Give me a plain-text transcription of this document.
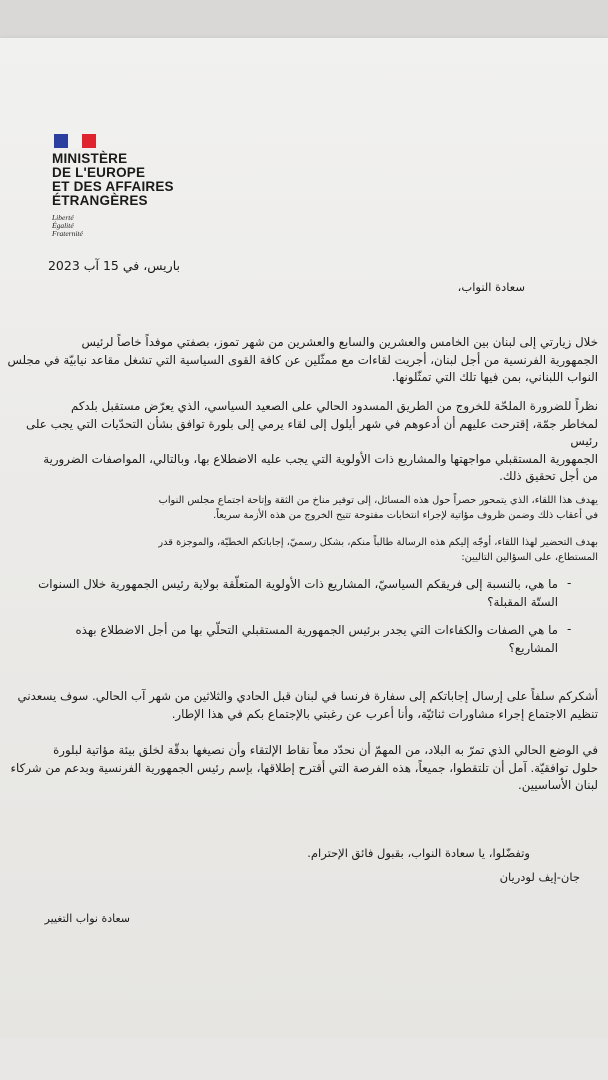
MINISTÈRE
DE L'EUROPE
ET DES AFFAIRES
ÉTRANGÈRES
Liberté
Égalité
Fraternité
باريس، في 15 آب 2023
سعادة النواب،
خلال زيارتي إلى لبنان بين الخامس والعشرين والسابع والعشرين من شهر تموز، بصفتي موفداً خاصاً لرئيس
الجمهورية الفرنسية من أجل لبنان، أجريت لقاءات مع ممثّلين عن كافة القوى السياسية التي تشغل مقاعد نيابيّة في مجلس
النواب اللبناني، بمن فيها تلك التي تمثّلونها.
نظراً للضرورة الملحّة للخروج من الطريق المسدود الحالي على الصعيد السياسي، الذي يعرّض مستقبل بلدكم
لمخاطر جمّة، إقترحت عليهم أن أدعوهم في شهر أيلول إلى لقاء يرمي إلى بلورة توافق بشأن التحدّيات التي يجب على رئيس
الجمهورية المستقبلي مواجهتها والمشاريع ذات الأولوية التي يجب عليه الاضطلاع بها، وبالتالي، المواصفات الضرورية
من أجل تحقيق ذلك.
يهدف هذا اللقاء، الذي يتمحور حصراً حول هذه المسائل، إلى توفير مناخ من الثقة وإتاحة اجتماع مجلس النواب
في أعقاب ذلك وضمن ظروف مؤاتية لإجراء انتخابات مفتوحة تتيح الخروج من هذه الأزمة سريعاً.
بهدف التحضير لهذا اللقاء، أوجّه إليكم هذه الرسالة طالباً منكم، بشكل رسميّ، إجاباتكم الخطيّة، والموجزة قدر
المستطاع، على السؤالين التاليين:
ما هي، بالنسبة إلى فريقكم السياسيّ، المشاريع ذات الأولوية المتعلّقة بولاية رئيس الجمهورية خلال السنوات
الستّة المقبلة؟
-
ما هي الصفات والكفاءات التي يجدر برئيس الجمهورية المستقبلي التحلّي بها من أجل الاضطلاع بهذه
المشاريع؟
-
أشكركم سلفاً على إرسال إجاباتكم إلى سفارة فرنسا في لبنان قبل الحادي والثلاثين من شهر آب الحالي. سوف يسعدني
تنظيم الاجتماع إجراء مشاورات ثنائيّة، وأنا أعرب عن رغبتي بالإجتماع بكم في هذا الإطار.
في الوضع الحالي الذي تمرّ به البلاد، من المهمّ أن نحدّد معاً نقاط الإلتقاء وأن نصيغها بدقّة لخلق بيئة مؤاتية لبلورة
حلول توافقيّة. آمل أن تلتقطوا، جميعاً، هذه الفرصة التي أقترح إطلاقها، بإسم رئيس الجمهورية الفرنسية وبدعم من شركاء
لبنان الأساسيين.
وتفضّلوا، يا سعادة النواب، بقبول فائق الإحترام.
جان-إيف لودريان
سعادة نواب التغيير
